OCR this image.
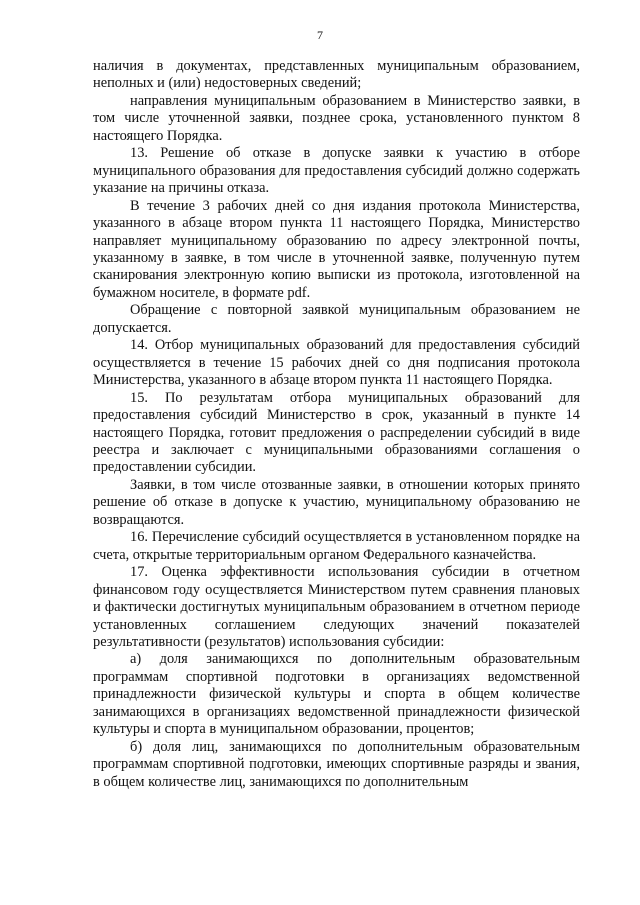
7

наличия в документах, представленных муниципальным образованием, неполных и (или) недостоверных сведений;

направления муниципальным образованием в Министерство заявки, в том числе уточненной заявки, позднее срока, установленного пунктом 8 настоящего Порядка.

13. Решение об отказе в допуске заявки к участию в отборе муниципального образования для предоставления субсидий должно содержать указание на причины отказа.

В течение 3 рабочих дней со дня издания протокола Министерства, указанного в абзаце втором пункта 11 настоящего Порядка, Министерство направляет муниципальному образованию по адресу электронной почты, указанному в заявке, в том числе в уточненной заявке, полученную путем сканирования электронную копию выписки из протокола, изготовленной на бумажном носителе, в формате pdf.

Обращение с повторной заявкой муниципальным образованием не допускается.

14. Отбор муниципальных образований для предоставления субсидий осуществляется в течение 15 рабочих дней со дня подписания протокола Министерства, указанного в абзаце втором пункта 11 настоящего Порядка.

15. По результатам отбора муниципальных образований для предоставления субсидий Министерство в срок, указанный в пункте 14 настоящего Порядка, готовит предложения о распределении субсидий в виде реестра и заключает с муниципальными образованиями соглашения о предоставлении субсидии.

Заявки, в том числе отозванные заявки, в отношении которых принято решение об отказе в допуске к участию, муниципальному образованию не возвращаются.

16. Перечисление субсидий осуществляется в установленном порядке на счета, открытые территориальным органом Федерального казначейства.

17. Оценка эффективности использования субсидии в отчетном финансовом году осуществляется Министерством путем сравнения плановых и фактически достигнутых муниципальным образованием в отчетном периоде установленных соглашением следующих значений показателей результативности (результатов) использования субсидии:

а) доля занимающихся по дополнительным образовательным программам спортивной подготовки в организациях ведомственной принадлежности физической культуры и спорта в общем количестве занимающихся в организациях ведомственной принадлежности физической культуры и спорта в муниципальном образовании, процентов;

б) доля лиц, занимающихся по дополнительным образовательным программам спортивной подготовки, имеющих спортивные разряды и звания, в общем количестве лиц, занимающихся по дополнительным
